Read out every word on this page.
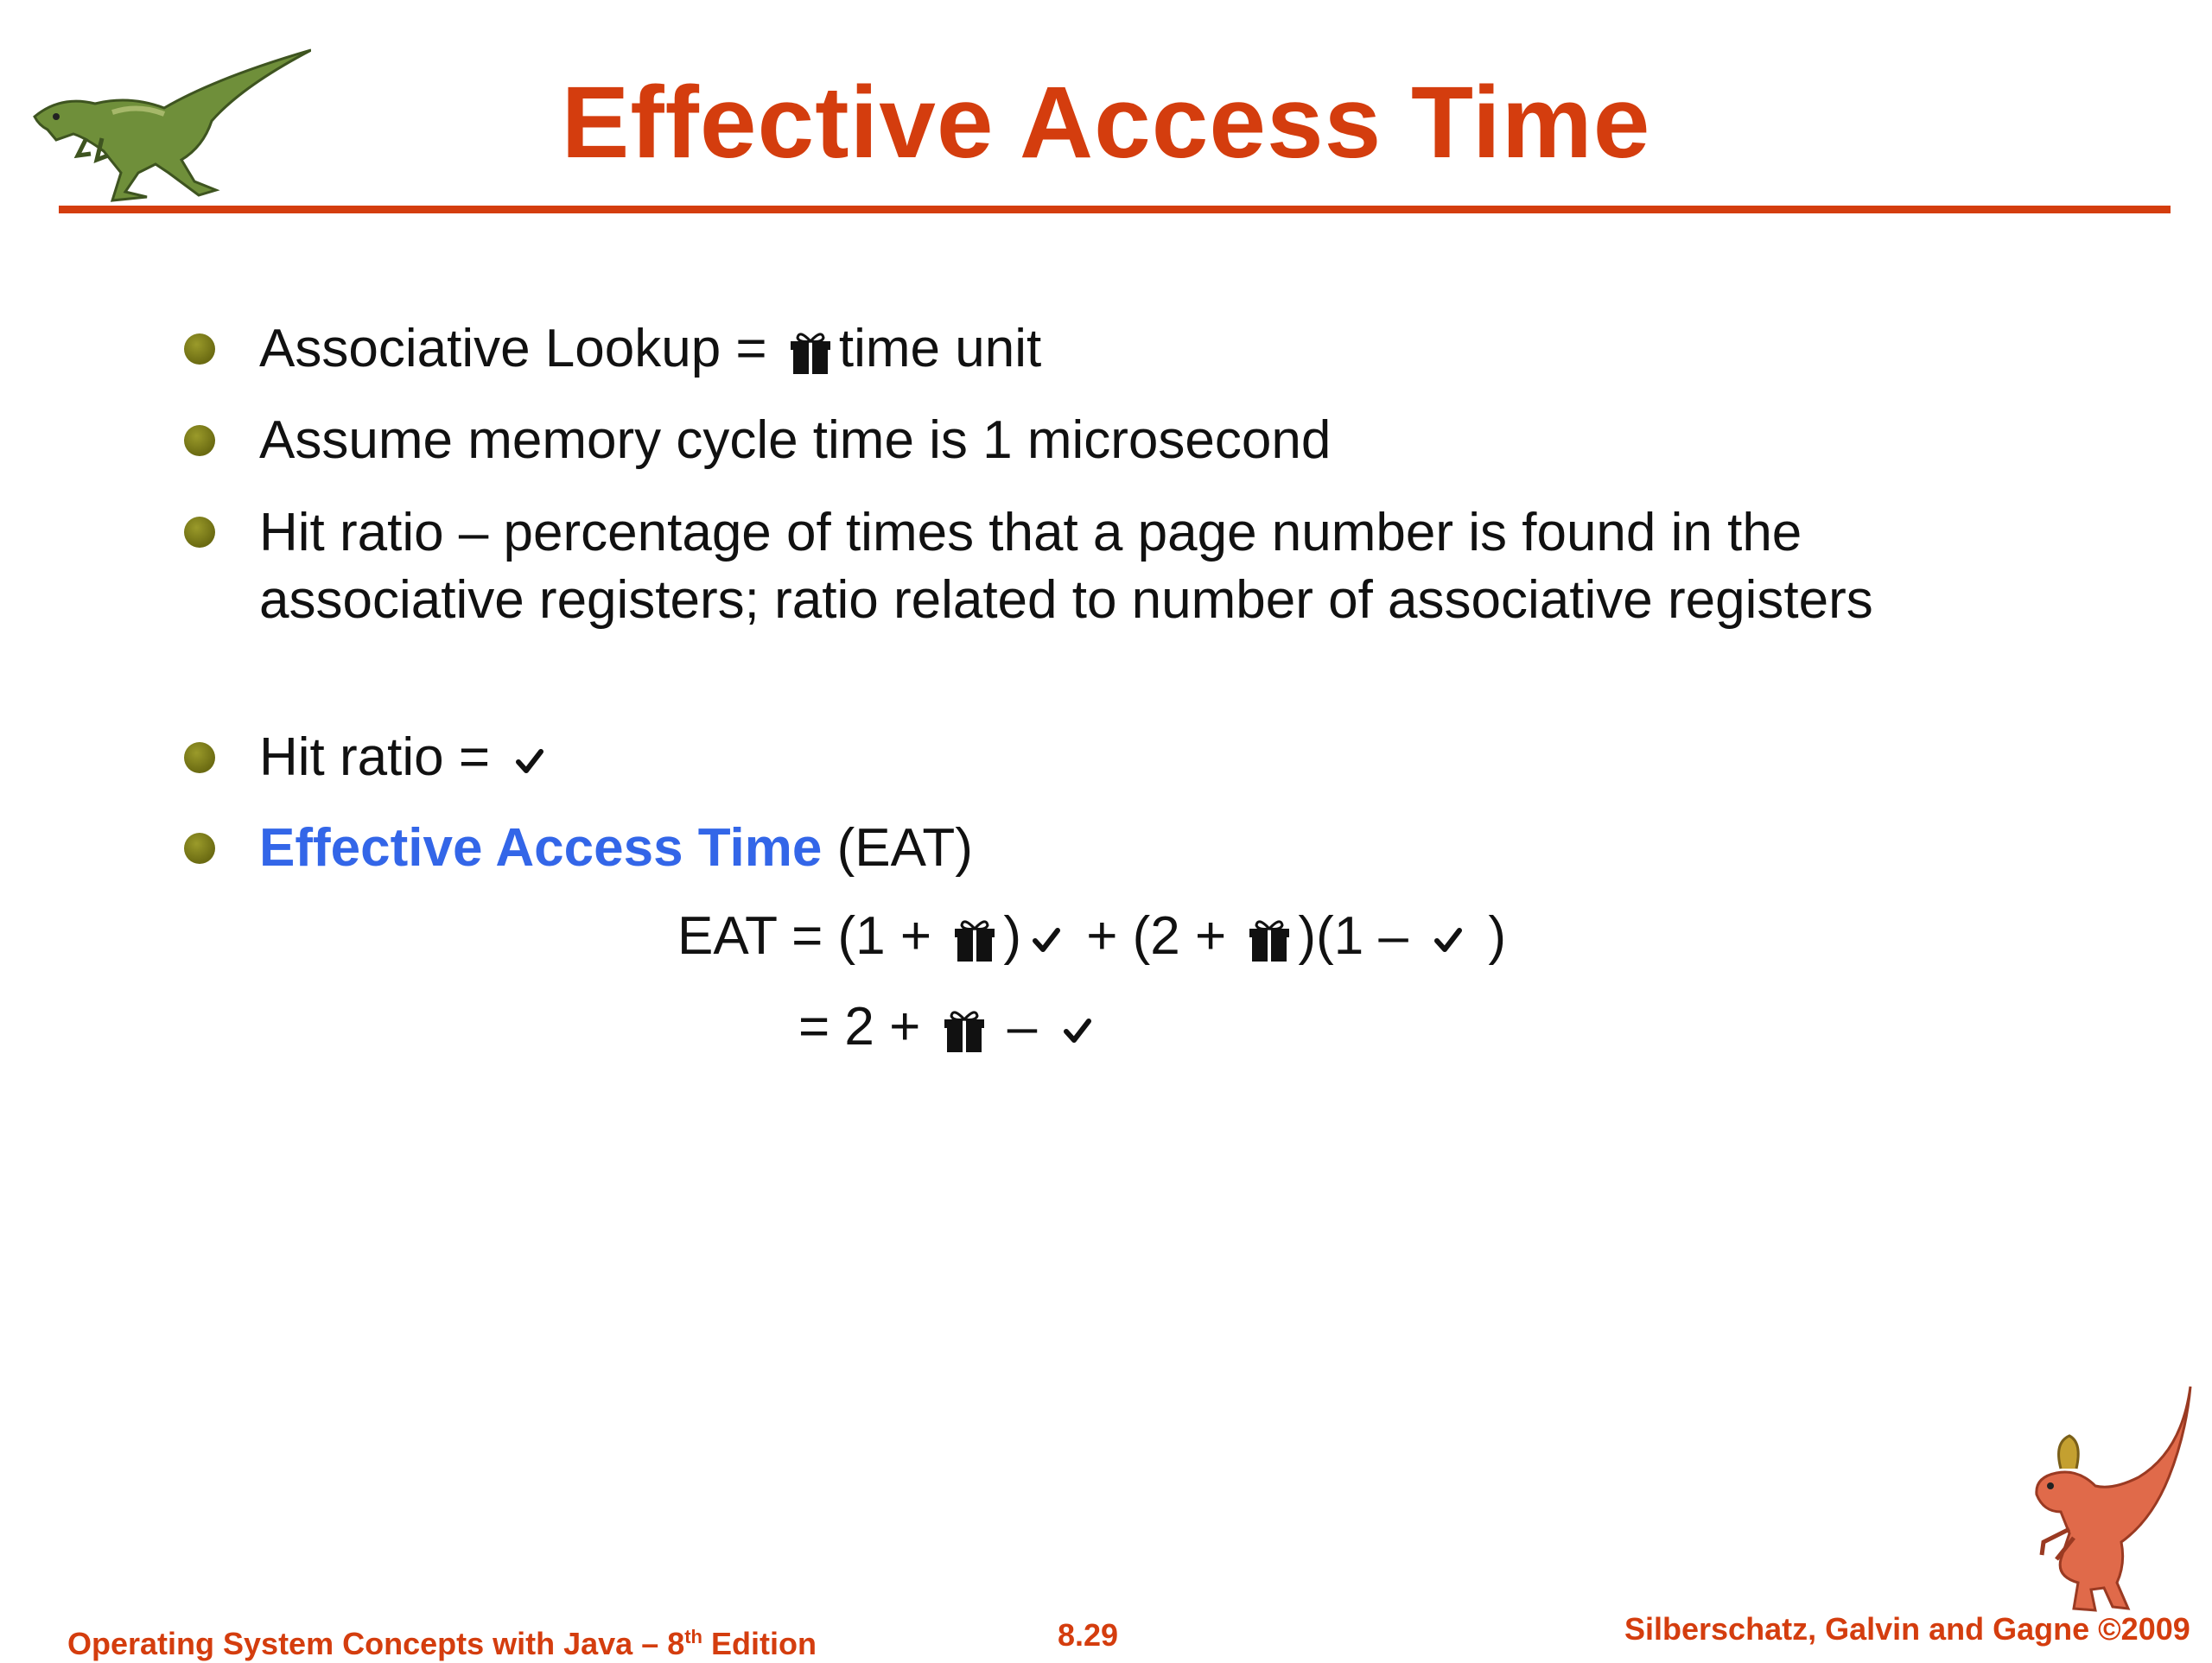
Effective Access Time
Associative Lookup = time unit
Assume memory cycle time is 1 microsecond
Hit ratio – percentage of times that a page number is found in the associative registers; ratio related to number of associative registers
Hit ratio =
Effective Access Time (EAT)
EAT = (1 + ) + (2 + )(1 –  )
= 2 +  –
Operating System Concepts with Java – 8th Edition	8.29	Silberschatz, Galvin and Gagne ©2009
